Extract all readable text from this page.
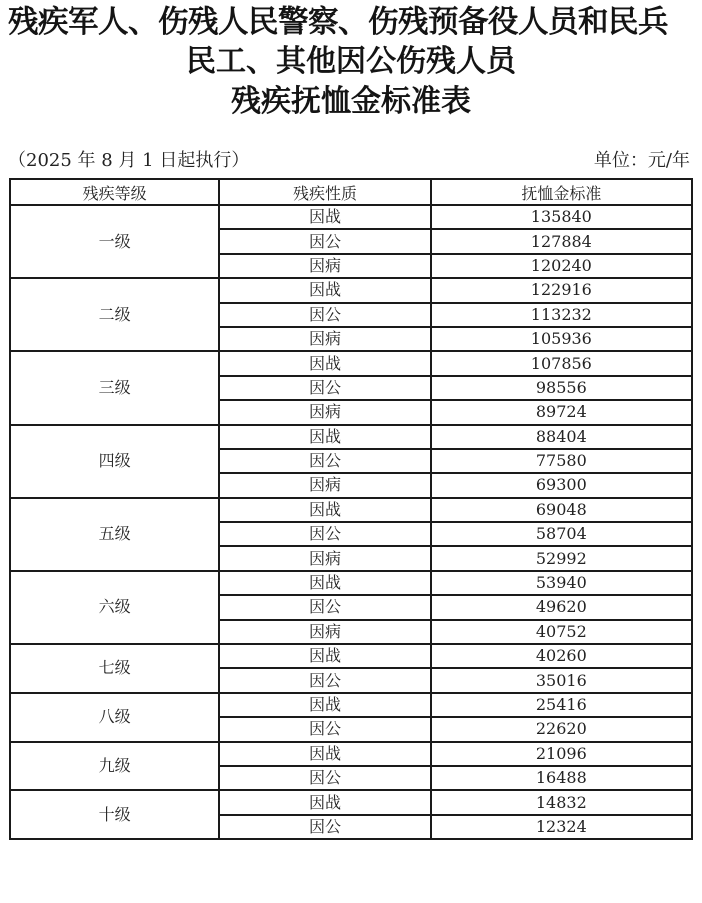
残疾军人、伤残人民警察、伤残预备役人员和民兵
民工、其他因公伤残人员
残疾抚恤金标准表
（2025 年 8 月 1 日起执行）	单位：元/年
残疾等级	残疾性质	抚恤金标准
一级	因战	135840
	因公	127884
	因病	120240
二级	因战	122916
	因公	113232
	因病	105936
三级	因战	107856
	因公	98556
	因病	89724
四级	因战	88404
	因公	77580
	因病	69300
五级	因战	69048
	因公	58704
	因病	52992
六级	因战	53940
	因公	49620
	因病	40752
七级	因战	40260
	因公	35016
八级	因战	25416
	因公	22620
九级	因战	21096
	因公	16488
十级	因战	14832
	因公	12324
